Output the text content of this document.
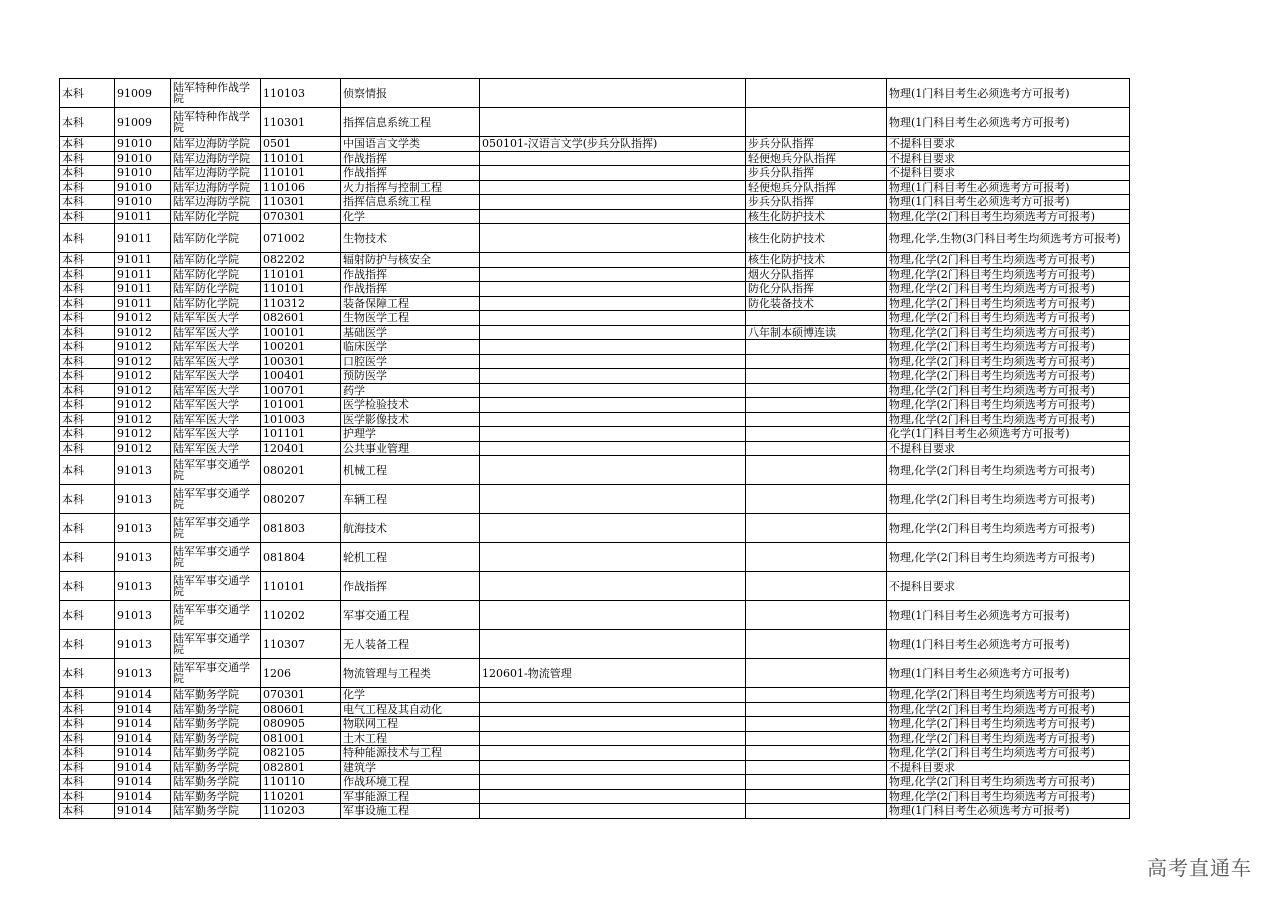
本科	91009	陆军特种作战学院	110103	侦察情报			物理(1门科目考生必须选考方可报考)
本科	91009	陆军特种作战学院	110301	指挥信息系统工程			物理(1门科目考生必须选考方可报考)
本科	91010	陆军边海防学院	0501	中国语言文学类	050101-汉语言文学(步兵分队指挥)	步兵分队指挥	不提科目要求
本科	91010	陆军边海防学院	110101	作战指挥		轻便炮兵分队指挥	不提科目要求
本科	91010	陆军边海防学院	110101	作战指挥		步兵分队指挥	不提科目要求
本科	91010	陆军边海防学院	110106	火力指挥与控制工程		轻便炮兵分队指挥	物理(1门科目考生必须选考方可报考)
本科	91010	陆军边海防学院	110301	指挥信息系统工程		步兵分队指挥	物理(1门科目考生必须选考方可报考)
本科	91011	陆军防化学院	070301	化学		核生化防护技术	物理,化学(2门科目考生均须选考方可报考)
本科	91011	陆军防化学院	071002	生物技术		核生化防护技术	物理,化学,生物(3门科目考生均须选考方可报考)
本科	91011	陆军防化学院	082202	辐射防护与核安全		核生化防护技术	物理,化学(2门科目考生均须选考方可报考)
本科	91011	陆军防化学院	110101	作战指挥		烟火分队指挥	物理,化学(2门科目考生均须选考方可报考)
本科	91011	陆军防化学院	110101	作战指挥		防化分队指挥	物理,化学(2门科目考生均须选考方可报考)
本科	91011	陆军防化学院	110312	装备保障工程		防化装备技术	物理,化学(2门科目考生均须选考方可报考)
本科	91012	陆军军医大学	082601	生物医学工程			物理,化学(2门科目考生均须选考方可报考)
本科	91012	陆军军医大学	100101	基础医学		八年制本硕博连读	物理,化学(2门科目考生均须选考方可报考)
本科	91012	陆军军医大学	100201	临床医学			物理,化学(2门科目考生均须选考方可报考)
本科	91012	陆军军医大学	100301	口腔医学			物理,化学(2门科目考生均须选考方可报考)
本科	91012	陆军军医大学	100401	预防医学			物理,化学(2门科目考生均须选考方可报考)
本科	91012	陆军军医大学	100701	药学			物理,化学(2门科目考生均须选考方可报考)
本科	91012	陆军军医大学	101001	医学检验技术			物理,化学(2门科目考生均须选考方可报考)
本科	91012	陆军军医大学	101003	医学影像技术			物理,化学(2门科目考生均须选考方可报考)
本科	91012	陆军军医大学	101101	护理学			化学(1门科目考生必须选考方可报考)
本科	91012	陆军军医大学	120401	公共事业管理			不提科目要求
本科	91013	陆军军事交通学院	080201	机械工程			物理,化学(2门科目考生均须选考方可报考)
本科	91013	陆军军事交通学院	080207	车辆工程			物理,化学(2门科目考生均须选考方可报考)
本科	91013	陆军军事交通学院	081803	航海技术			物理,化学(2门科目考生均须选考方可报考)
本科	91013	陆军军事交通学院	081804	轮机工程			物理,化学(2门科目考生均须选考方可报考)
本科	91013	陆军军事交通学院	110101	作战指挥			不提科目要求
本科	91013	陆军军事交通学院	110202	军事交通工程			物理(1门科目考生必须选考方可报考)
本科	91013	陆军军事交通学院	110307	无人装备工程			物理(1门科目考生必须选考方可报考)
本科	91013	陆军军事交通学院	1206	物流管理与工程类	120601-物流管理		物理(1门科目考生必须选考方可报考)
本科	91014	陆军勤务学院	070301	化学			物理,化学(2门科目考生均须选考方可报考)
本科	91014	陆军勤务学院	080601	电气工程及其自动化			物理,化学(2门科目考生均须选考方可报考)
本科	91014	陆军勤务学院	080905	物联网工程			物理,化学(2门科目考生均须选考方可报考)
本科	91014	陆军勤务学院	081001	土木工程			物理,化学(2门科目考生均须选考方可报考)
本科	91014	陆军勤务学院	082105	特种能源技术与工程			物理,化学(2门科目考生均须选考方可报考)
本科	91014	陆军勤务学院	082801	建筑学			不提科目要求
本科	91014	陆军勤务学院	110110	作战环境工程			物理,化学(2门科目考生均须选考方可报考)
本科	91014	陆军勤务学院	110201	军事能源工程			物理,化学(2门科目考生均须选考方可报考)
本科	91014	陆军勤务学院	110203	军事设施工程			物理(1门科目考生必须选考方可报考)
高考直通车
